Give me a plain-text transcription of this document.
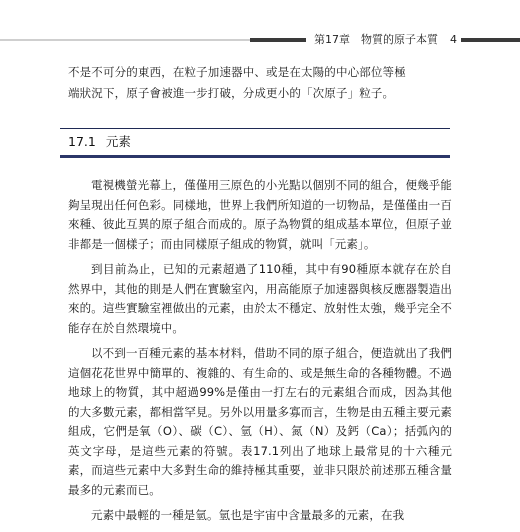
第17章　 物質的原子本質 4

不是不可分的東西，在粒子加速器中、或是在太陽的中心部位等極

端狀況下，原子會被進一步打破，分成更小的「次原子」粒子。

17.1 元素

電視機螢光幕上，僅僅用三原色的小光點以個別不同的組合，便幾乎能夠呈現出任何色彩。同樣地，世界上我們所知道的一切物品，是僅僅由一百來種、彼此互異的原子組合而成的。原子為物質的組成基本單位，但原子並非都是一個樣子；而由同樣原子組成的物質，就叫「元素」。

到目前為止，已知的元素超過了110種，其中有90種原本就存在於自然界中，其他的則是人們在實驗室內，用高能原子加速器與核反應器製造出來的。這些實驗室裡做出的元素，由於太不穩定、放射性太強，幾乎完全不能存在於自然環境中。

以不到一百種元素的基本材料，借助不同的原子組合，便造就出了我們這個花花世界中簡單的、複雜的、有生命的、或是無生命的各種物體。不過地球上的物質，其中超過99%是僅由一打左右的元素組合而成，因為其他的大多數元素，都相當罕見。另外以用量多寡而言，生物是由五種主要元素組成，它們是氧（O）、碳（C）、氫（H）、氮（N）及鈣（Ca）；括弧內的英文字母，是這些元素的符號。表17.1列出了地球上最常見的十六種元素，而這些元素中大多對生命的維持極其重要，並非只限於前述那五種含量最多的元素而已。

元素中最輕的一種是氫。氫也是宇宙中含量最多的元素，在我
